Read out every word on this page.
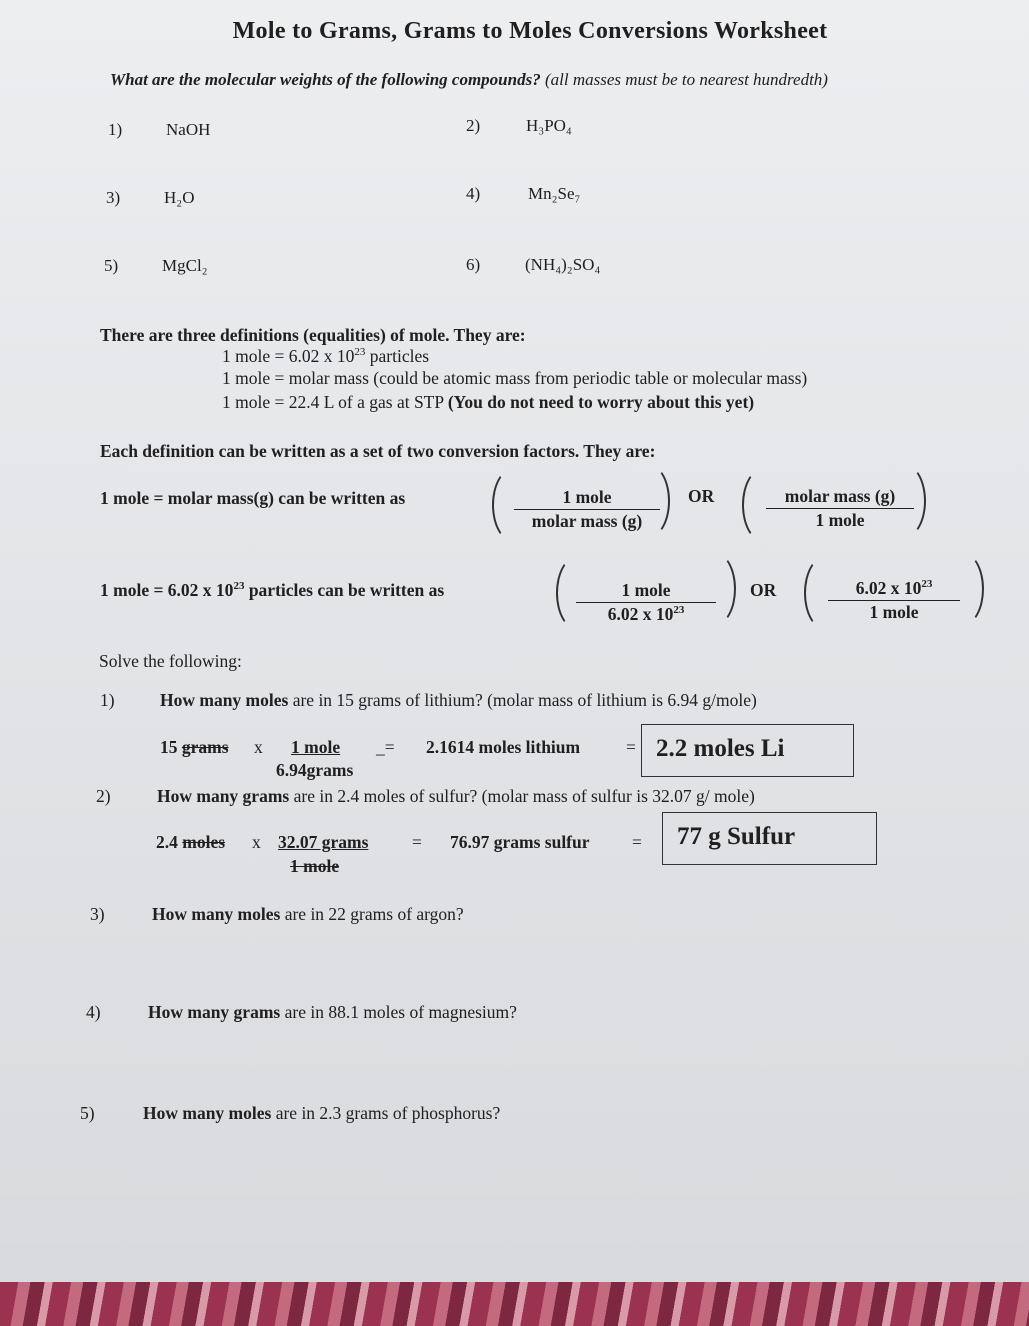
Mole to Grams, Grams to Moles Conversions Worksheet
What are the molecular weights of the following compounds? (all masses must be to nearest hundredth)
1)	NaOH	2)	H₃PO₄
3)	H₂O	4)	Mn₂Se₇
5)	MgCl₂	6)	(NH₄)₂SO₄
There are three definitions (equalities) of mole. They are:
1 mole = 6.02 x $10^{23}$ particles
1 mole = molar mass (could be atomic mass from periodic table or molecular mass)
1 mole = 22.4 L of a gas at STP (You do not need to worry about this yet)
Each definition can be written as a set of two conversion factors. They are:
1 mole = molar mass(g) can be written as	1 mole
molar mass (g)
OR	molar mass (g)
1 mole
1 mole = 6.02 x $10^{23}$ particles can be written as	1 mole
6.02 x $10^{23}$
OR	6.02 x $10^{23}$
1 mole
Solve the following:
1)	How many moles are in 15 grams of lithium? (molar mass of lithium is 6.94 g/mole)
15 grams x 1 mole
6.94grams
_= 2.1614 moles lithium	= 2.2 moles Li
2)	How many grams are in 2.4 moles of sulfur? (molar mass of sulfur is 32.07 g/ mole)
2.4 moles x 32.07 grams
1 mole
= 76.97 grams sulfur =	77 g Sulfur
3)	How many moles are in 22 grams of argon?
4)	How many grams are in 88.1 moles of magnesium?
5)	How many moles are in 2.3 grams of phosphorus?
